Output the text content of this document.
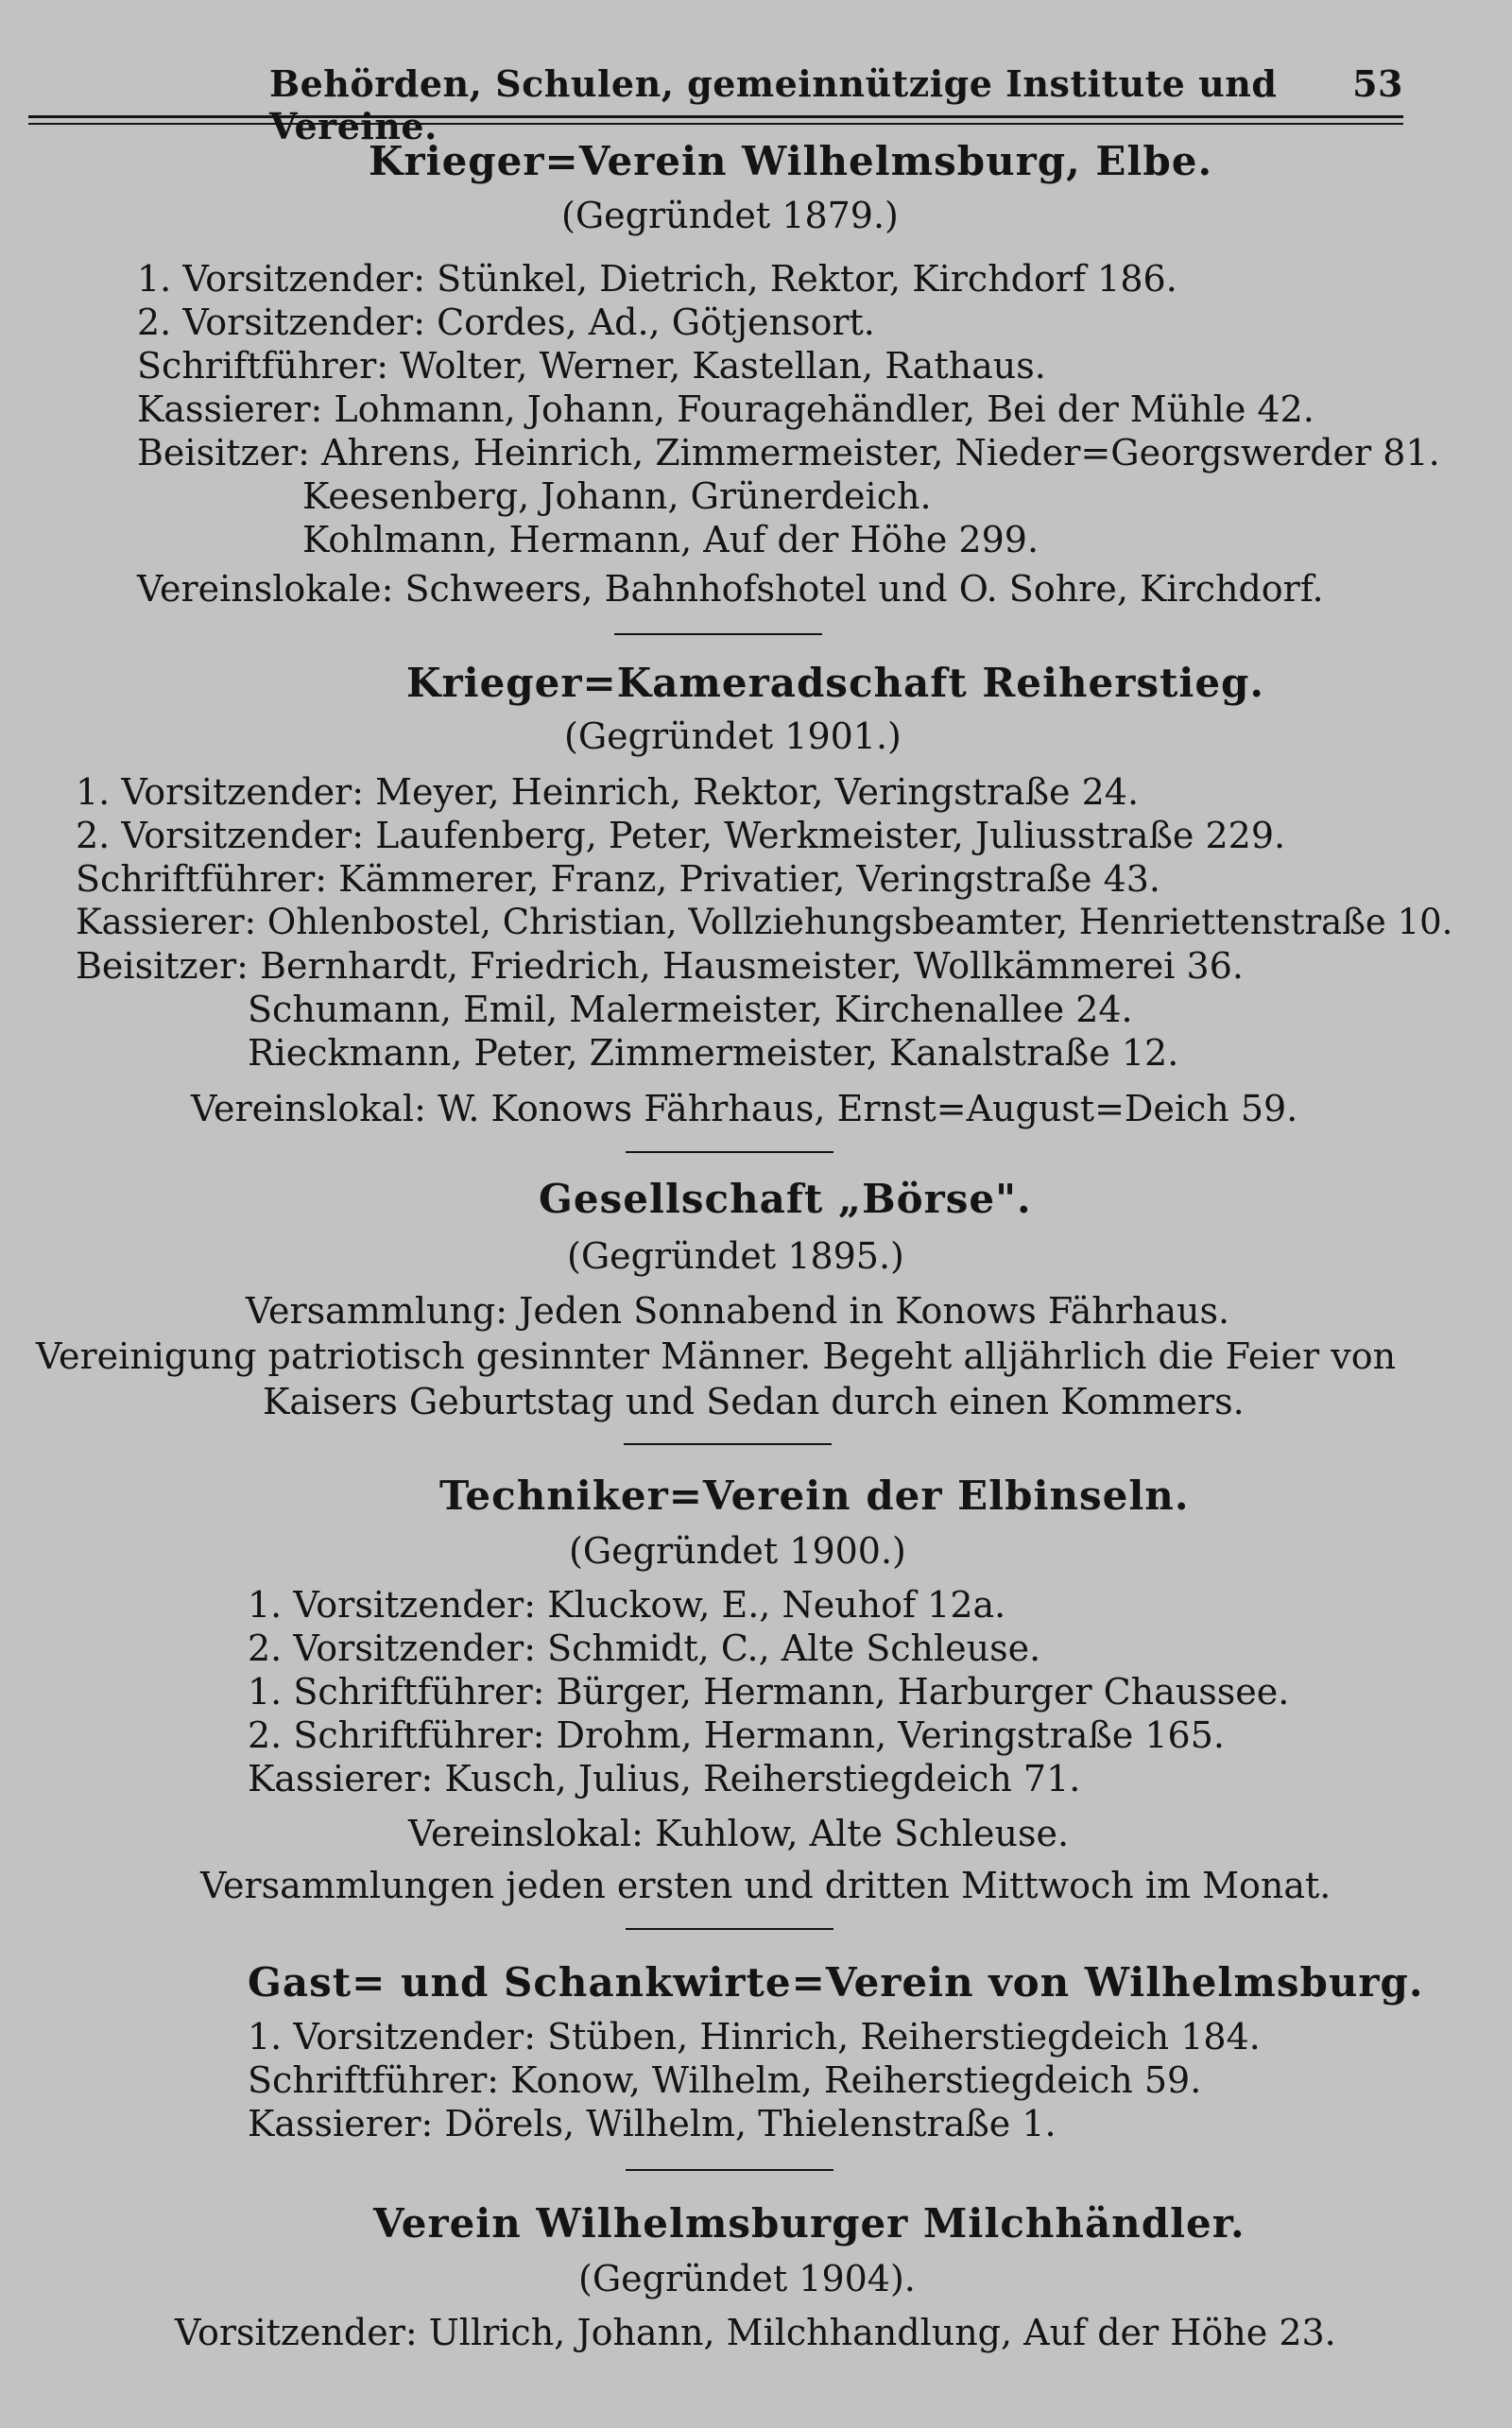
Behörden, Schulen, gemeinnützige Institute und Vereine.
53
Krieger=Verein Wilhelmsburg, Elbe.
(Gegründet 1879.)
1. Vorsitzender: Stünkel, Dietrich, Rektor, Kirchdorf 186.
2. Vorsitzender: Cordes, Ad., Götjensort.
Schriftführer: Wolter, Werner, Kastellan, Rathaus.
Kassierer: Lohmann, Johann, Fouragehändler, Bei der Mühle 42.
Beisitzer: Ahrens, Heinrich, Zimmermeister, Nieder=Georgswerder 81.
Keesenberg, Johann, Grünerdeich.
Kohlmann, Hermann, Auf der Höhe 299.
Vereinslokale: Schweers, Bahnhofshotel und O. Sohre, Kirchdorf.
Krieger=Kameradschaft Reiherstieg.
(Gegründet 1901.)
1. Vorsitzender: Meyer, Heinrich, Rektor, Veringstraße 24.
2. Vorsitzender: Laufenberg, Peter, Werkmeister, Juliusstraße 229.
Schriftführer: Kämmerer, Franz, Privatier, Veringstraße 43.
Kassierer: Ohlenbostel, Christian, Vollziehungsbeamter, Henriettenstraße 10.
Beisitzer: Bernhardt, Friedrich, Hausmeister, Wollkämmerei 36.
Schumann, Emil, Malermeister, Kirchenallee 24.
Rieckmann, Peter, Zimmermeister, Kanalstraße 12.
Vereinslokal: W. Konows Fährhaus, Ernst=August=Deich 59.
Gesellschaft „Börse".
(Gegründet 1895.)
Versammlung: Jeden Sonnabend in Konows Fährhaus.
Vereinigung patriotisch gesinnter Männer. Begeht alljährlich die Feier von
Kaisers Geburtstag und Sedan durch einen Kommers.
Techniker=Verein der Elbinseln.
(Gegründet 1900.)
1. Vorsitzender: Kluckow, E., Neuhof 12a.
2. Vorsitzender: Schmidt, C., Alte Schleuse.
1. Schriftführer: Bürger, Hermann, Harburger Chaussee.
2. Schriftführer: Drohm, Hermann, Veringstraße 165.
Kassierer: Kusch, Julius, Reiherstiegdeich 71.
Vereinslokal: Kuhlow, Alte Schleuse.
Versammlungen jeden ersten und dritten Mittwoch im Monat.
Gast= und Schankwirte=Verein von Wilhelmsburg.
1. Vorsitzender: Stüben, Hinrich, Reiherstiegdeich 184.
Schriftführer: Konow, Wilhelm, Reiherstiegdeich 59.
Kassierer: Dörels, Wilhelm, Thielenstraße 1.
Verein Wilhelmsburger Milchhändler.
(Gegründet 1904).
Vorsitzender: Ullrich, Johann, Milchhandlung, Auf der Höhe 23.
